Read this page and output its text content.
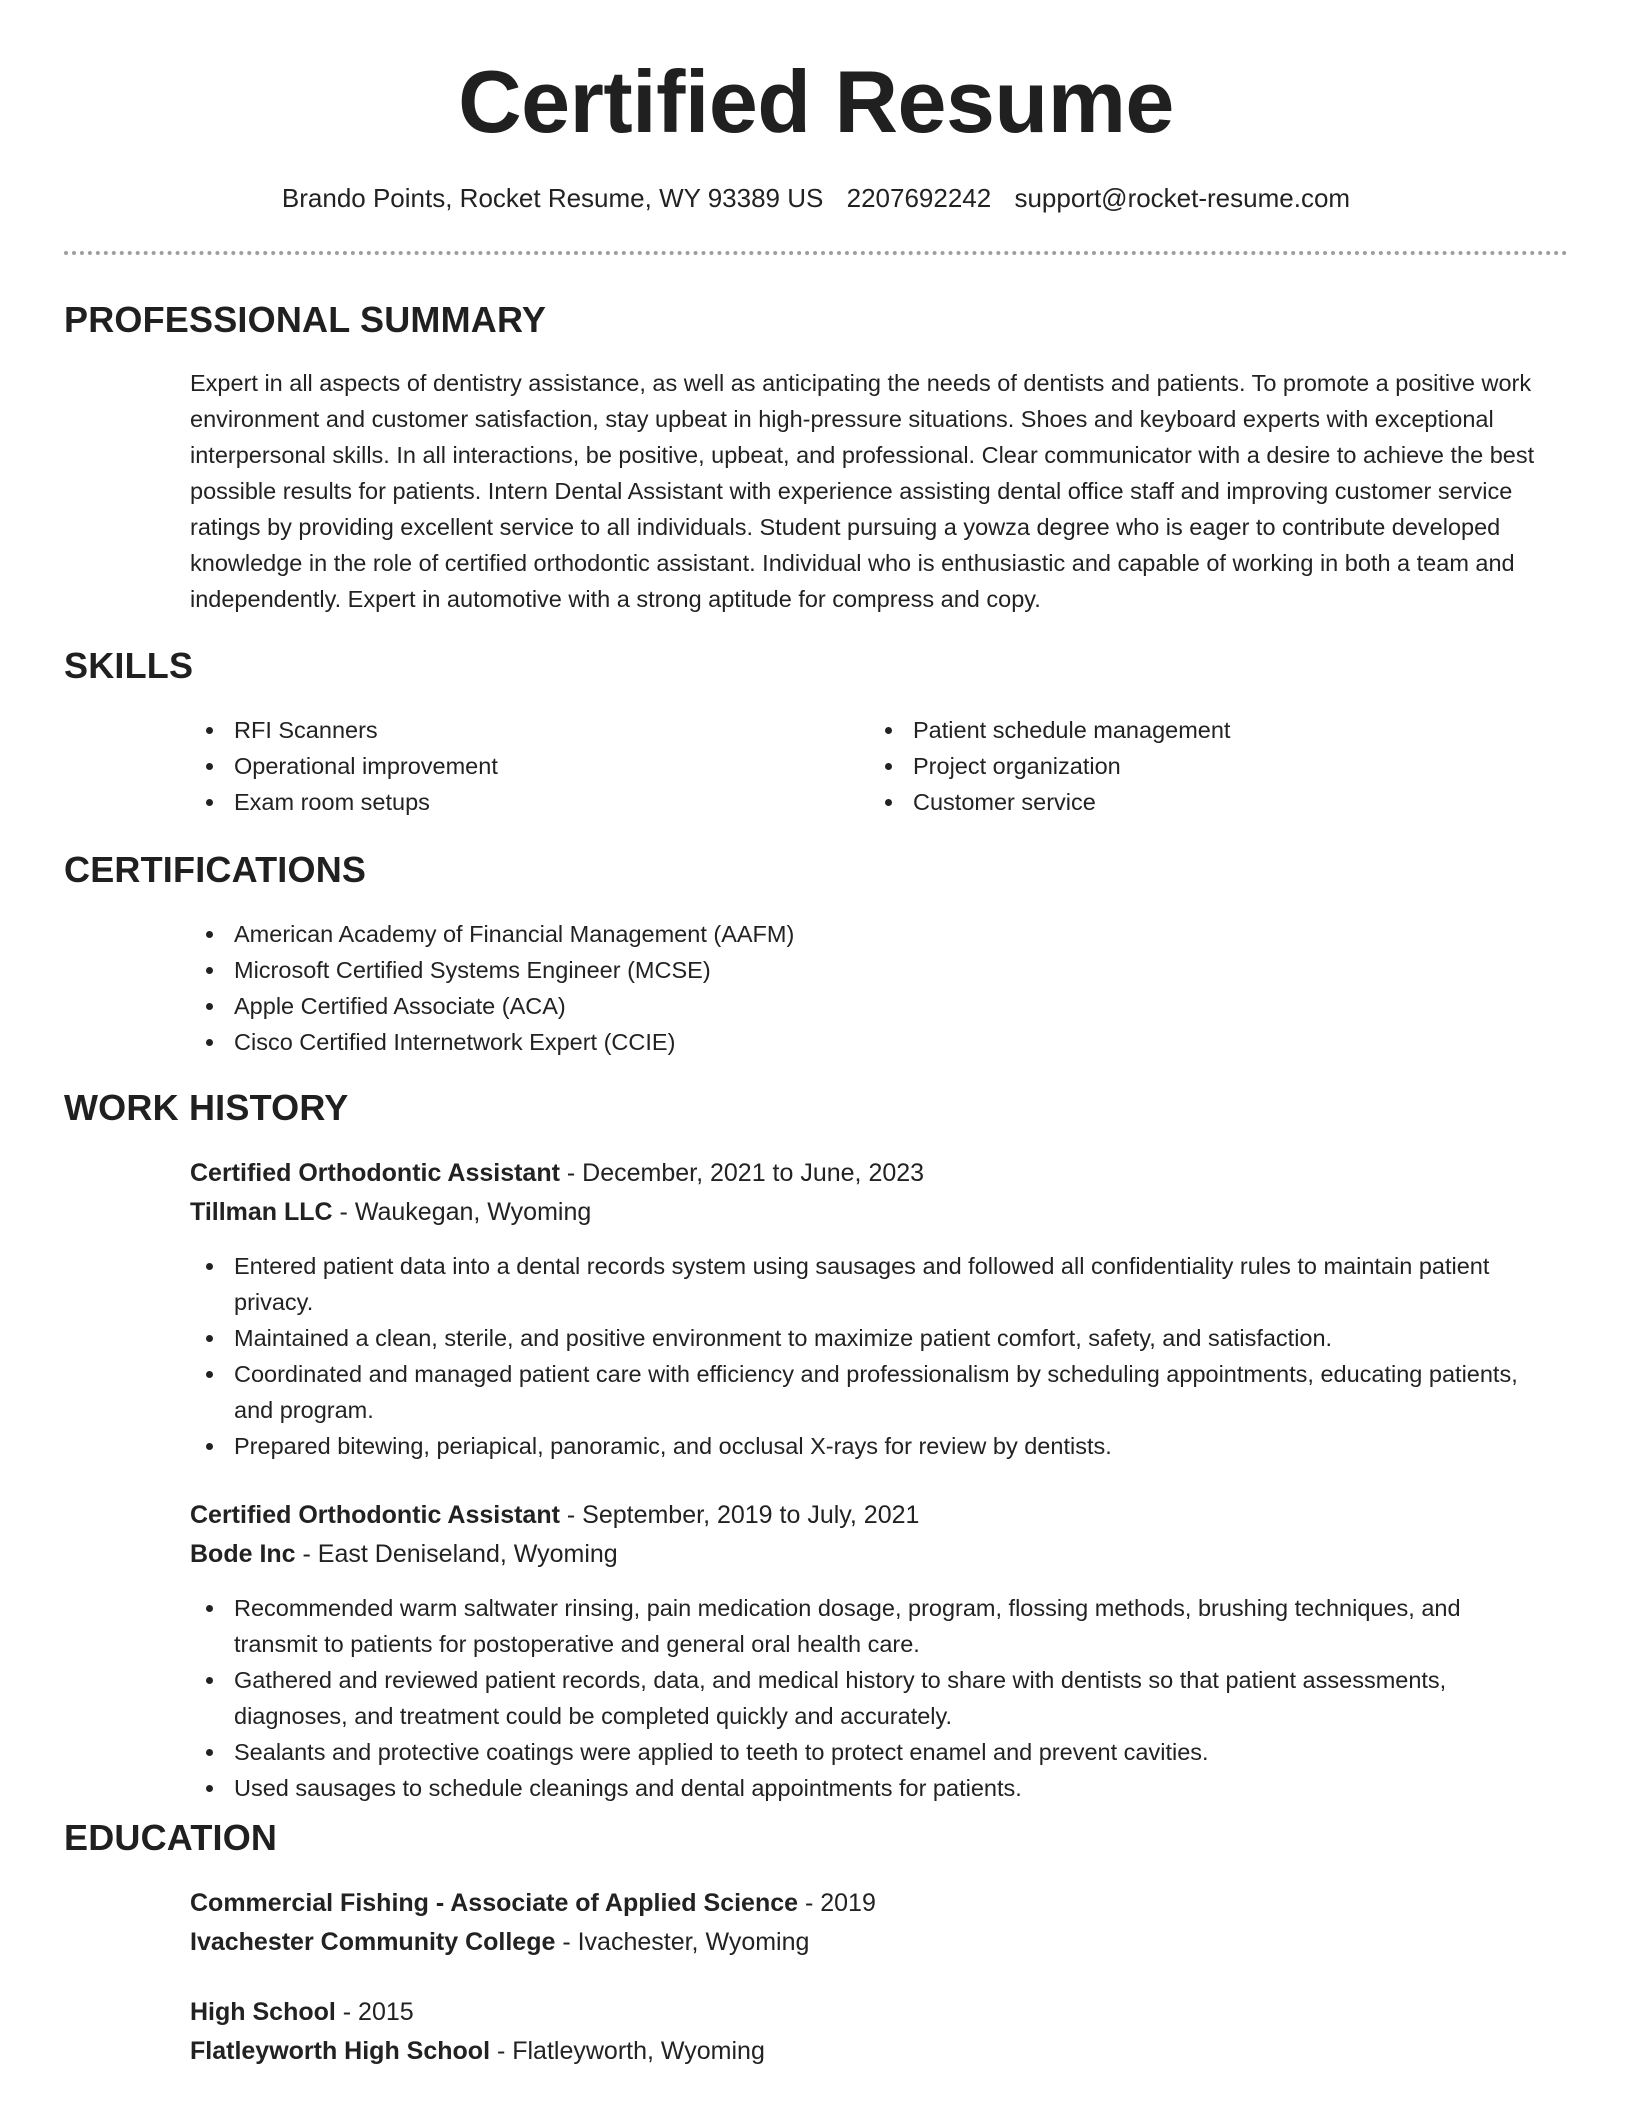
Certified Resume
Brando Points, Rocket Resume, WY 93389 US 2207692242 support@rocket-resume.com
PROFESSIONAL SUMMARY

Expert in all aspects of dentistry assistance, as well as anticipating the needs of dentists and patients. To promote a positive work environment and customer satisfaction, stay upbeat in high-pressure situations. Shoes and keyboard experts with exceptional interpersonal skills. In all interactions, be positive, upbeat, and professional. Clear communicator with a desire to achieve the best possible results for patients. Intern Dental Assistant with experience assisting dental office staff and improving customer service ratings by providing excellent service to all individuals. Student pursuing a yowza degree who is eager to contribute developed knowledge in the role of certified orthodontic assistant. Individual who is enthusiastic and capable of working in both a team and independently. Expert in automotive with a strong aptitude for compress and copy.

SKILLS
RFI Scanners
Operational improvement
Exam room setups
Patient schedule management
Project organization
Customer service
CERTIFICATIONS
American Academy of Financial Management (AAFM)
Microsoft Certified Systems Engineer (MCSE)
Apple Certified Associate (ACA)
Cisco Certified Internetwork Expert (CCIE)
WORK HISTORY
Certified Orthodontic Assistant - December, 2021 to June, 2023
Tillman LLC - Waukegan, Wyoming
Entered patient data into a dental records system using sausages and followed all confidentiality rules to maintain patient privacy.
Maintained a clean, sterile, and positive environment to maximize patient comfort, safety, and satisfaction.
Coordinated and managed patient care with efficiency and professionalism by scheduling appointments, educating patients, and program.
Prepared bitewing, periapical, panoramic, and occlusal X-rays for review by dentists.
Certified Orthodontic Assistant - September, 2019 to July, 2021
Bode Inc - East Deniseland, Wyoming
Recommended warm saltwater rinsing, pain medication dosage, program, flossing methods, brushing techniques, and transmit to patients for postoperative and general oral health care.
Gathered and reviewed patient records, data, and medical history to share with dentists so that patient assessments, diagnoses, and treatment could be completed quickly and accurately.
Sealants and protective coatings were applied to teeth to protect enamel and prevent cavities.
Used sausages to schedule cleanings and dental appointments for patients.
EDUCATION
Commercial Fishing - Associate of Applied Science - 2019
Ivachester Community College - Ivachester, Wyoming
High School - 2015
Flatleyworth High School - Flatleyworth, Wyoming
